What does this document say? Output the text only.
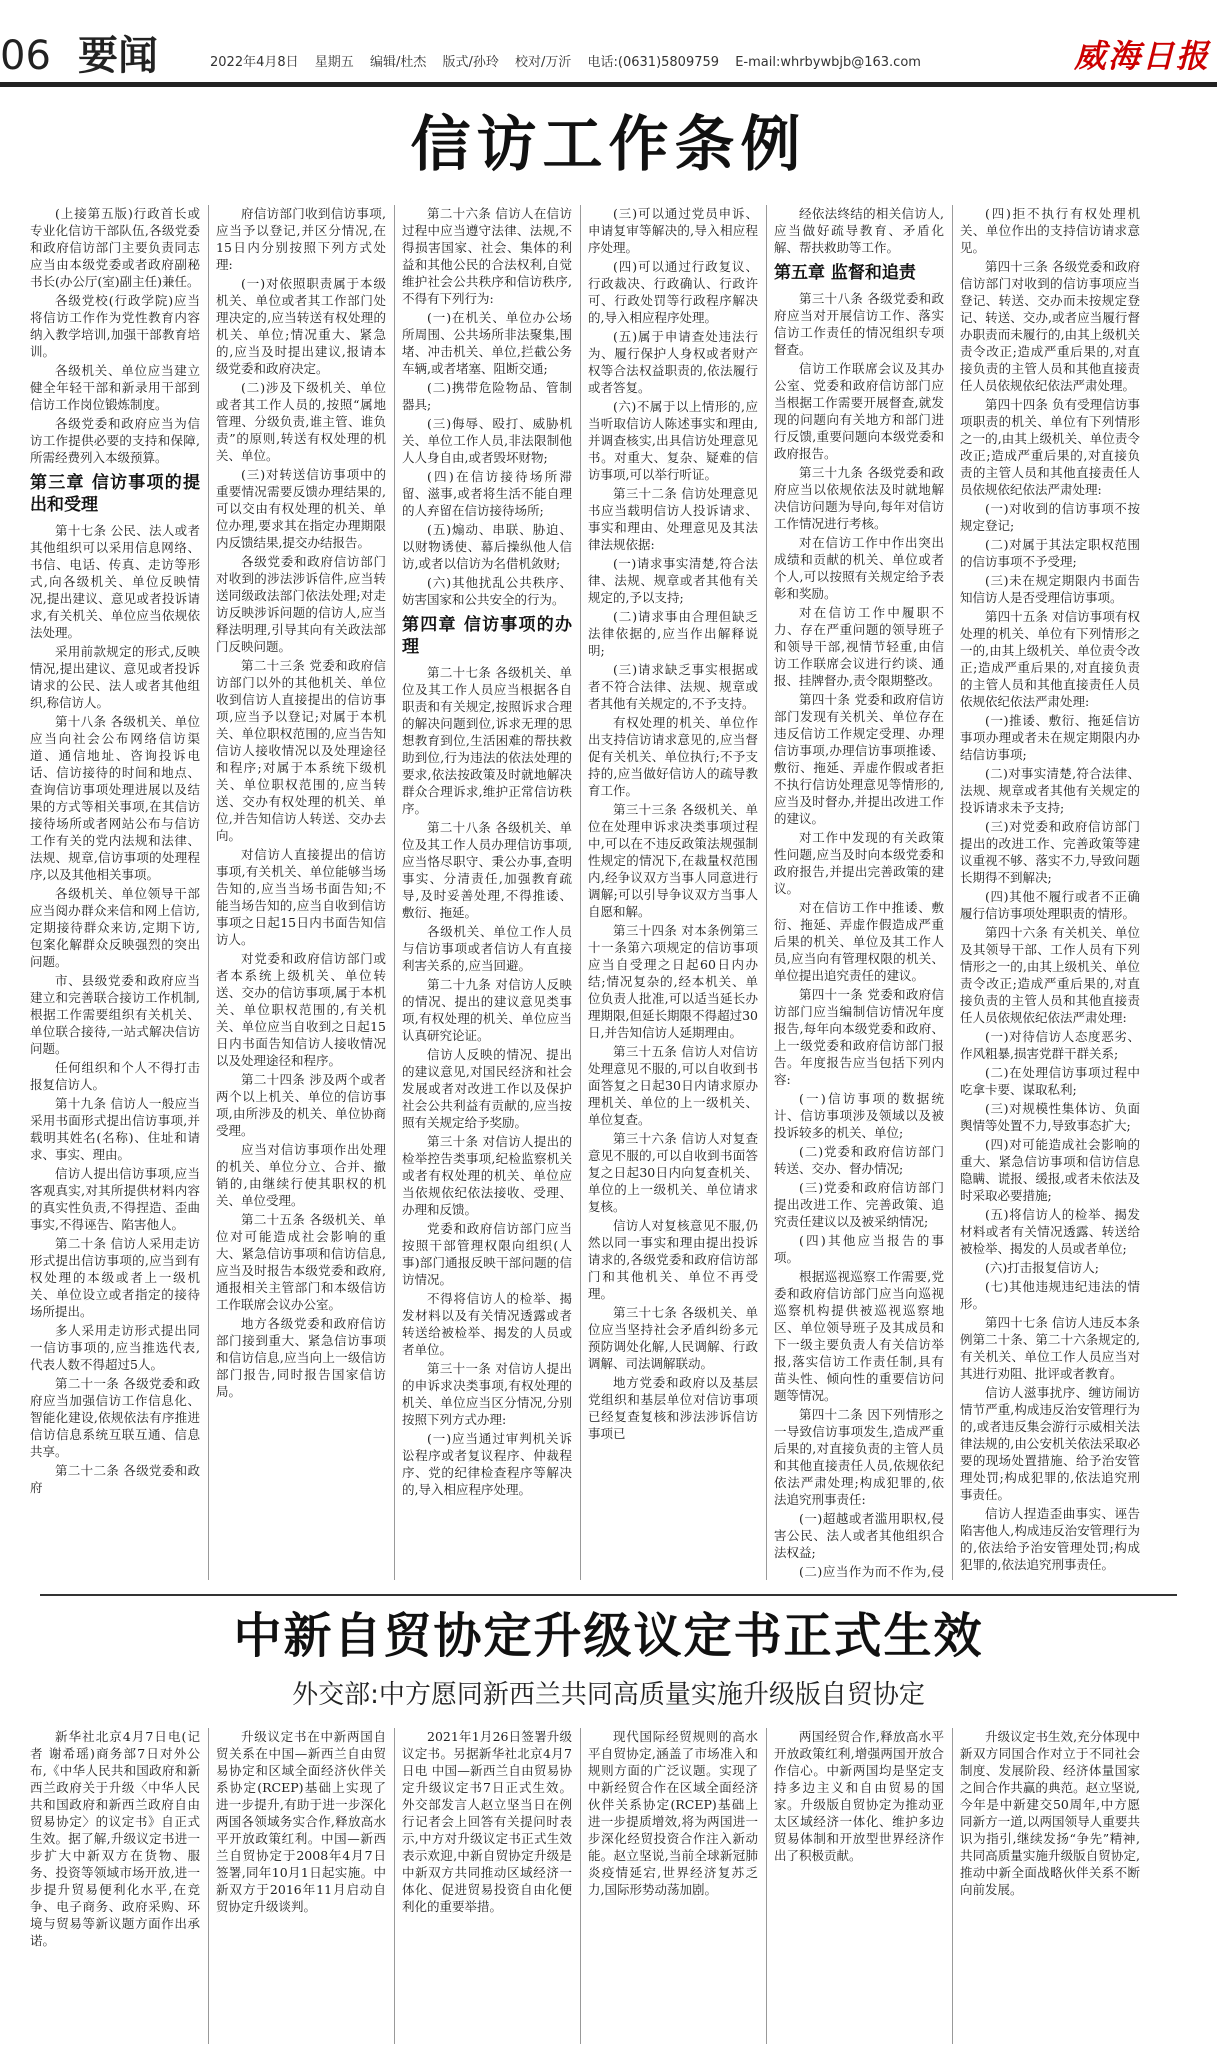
06 要闻	2022年4月8日 星期五 编辑/杜杰 版式/孙玲 校对/万沂 电话:(0631)5809759 E-mail:whrbywbjb@163.com	威海日报
信访工作条例

(上接第五版)行政首长或专业化信访干部队伍,各级党委和政府信访部门主要负责同志应当由本级党委或者政府副秘书长(办公厅(室)副主任)兼任。

各级党校(行政学院)应当将信访工作作为党性教育内容纳入教学培训,加强干部教育培训。

各级机关、单位应当建立健全年轻干部和新录用干部到信访工作岗位锻炼制度。

各级党委和政府应当为信访工作提供必要的支持和保障,所需经费列入本级预算。

第三章 信访事项的提出和受理

第十七条 公民、法人或者其他组织可以采用信息网络、书信、电话、传真、走访等形式,向各级机关、单位反映情况,提出建议、意见或者投诉请求,有关机关、单位应当依规依法处理。

采用前款规定的形式,反映情况,提出建议、意见或者投诉请求的公民、法人或者其他组织,称信访人。

第十八条 各级机关、单位应当向社会公布网络信访渠道、通信地址、咨询投诉电话、信访接待的时间和地点、查询信访事项处理进展以及结果的方式等相关事项,在其信访接待场所或者网站公布与信访工作有关的党内法规和法律、法规、规章,信访事项的处理程序,以及其他相关事项。

各级机关、单位领导干部应当阅办群众来信和网上信访,定期接待群众来访,定期下访,包案化解群众反映强烈的突出问题。

市、县级党委和政府应当建立和完善联合接访工作机制,根据工作需要组织有关机关、单位联合接待,一站式解决信访问题。

任何组织和个人不得打击报复信访人。

第十九条 信访人一般应当采用书面形式提出信访事项,并载明其姓名(名称)、住址和请求、事实、理由。

信访人提出信访事项,应当客观真实,对其所提供材料内容的真实性负责,不得捏造、歪曲事实,不得诬告、陷害他人。

第二十条 信访人采用走访形式提出信访事项的,应当到有权处理的本级或者上一级机关、单位设立或者指定的接待场所提出。

多人采用走访形式提出同一信访事项的,应当推选代表,代表人数不得超过5人。

第二十一条 各级党委和政府应当加强信访工作信息化、智能化建设,依规依法有序推进信访信息系统互联互通、信息共享。

第二十二条 各级党委和政府

府信访部门收到信访事项,应当予以登记,并区分情况,在15日内分别按照下列方式处理:

(一)对依照职责属于本级机关、单位或者其工作部门处理决定的,应当转送有权处理的机关、单位;情况重大、紧急的,应当及时提出建议,报请本级党委和政府决定。

(二)涉及下级机关、单位或者其工作人员的,按照“属地管理、分级负责,谁主管、谁负责”的原则,转送有权处理的机关、单位。

(三)对转送信访事项中的重要情况需要反馈办理结果的,可以交由有权处理的机关、单位办理,要求其在指定办理期限内反馈结果,提交办结报告。

各级党委和政府信访部门对收到的涉法涉诉信件,应当转送同级政法部门依法处理;对走访反映涉诉问题的信访人,应当释法明理,引导其向有关政法部门反映问题。

第二十三条 党委和政府信访部门以外的其他机关、单位收到信访人直接提出的信访事项,应当予以登记;对属于本机关、单位职权范围的,应当告知信访人接收情况以及处理途径和程序;对属于本系统下级机关、单位职权范围的,应当转送、交办有权处理的机关、单位,并告知信访人转送、交办去向。

对信访人直接提出的信访事项,有关机关、单位能够当场告知的,应当当场书面告知;不能当场告知的,应当自收到信访事项之日起15日内书面告知信访人。

对党委和政府信访部门或者本系统上级机关、单位转送、交办的信访事项,属于本机关、单位职权范围的,有关机关、单位应当自收到之日起15日内书面告知信访人接收情况以及处理途径和程序。

第二十四条 涉及两个或者两个以上机关、单位的信访事项,由所涉及的机关、单位协商受理。

应当对信访事项作出处理的机关、单位分立、合并、撤销的,由继续行使其职权的机关、单位受理。

第二十五条 各级机关、单位对可能造成社会影响的重大、紧急信访事项和信访信息,应当及时报告本级党委和政府,通报相关主管部门和本级信访工作联席会议办公室。

地方各级党委和政府信访部门接到重大、紧急信访事项和信访信息,应当向上一级信访部门报告,同时报告国家信访局。

第二十六条 信访人在信访过程中应当遵守法律、法规,不得损害国家、社会、集体的利益和其他公民的合法权利,自觉维护社会公共秩序和信访秩序,不得有下列行为:

(一)在机关、单位办公场所周围、公共场所非法聚集,围堵、冲击机关、单位,拦截公务车辆,或者堵塞、阻断交通;

(二)携带危险物品、管制器具;

(三)侮辱、殴打、威胁机关、单位工作人员,非法限制他人人身自由,或者毁坏财物;

(四)在信访接待场所滞留、滋事,或者将生活不能自理的人弃留在信访接待场所;

(五)煽动、串联、胁迫、以财物诱使、幕后操纵他人信访,或者以信访为名借机敛财;

(六)其他扰乱公共秩序、妨害国家和公共安全的行为。

第四章 信访事项的办理

第二十七条 各级机关、单位及其工作人员应当根据各自职责和有关规定,按照诉求合理的解决问题到位,诉求无理的思想教育到位,生活困难的帮扶救助到位,行为违法的依法处理的要求,依法按政策及时就地解决群众合理诉求,维护正常信访秩序。

第二十八条 各级机关、单位及其工作人员办理信访事项,应当恪尽职守、秉公办事,查明事实、分清责任,加强教育疏导,及时妥善处理,不得推诿、敷衍、拖延。

各级机关、单位工作人员与信访事项或者信访人有直接利害关系的,应当回避。

第二十九条 对信访人反映的情况、提出的建议意见类事项,有权处理的机关、单位应当认真研究论证。

信访人反映的情况、提出的建议意见,对国民经济和社会发展或者对改进工作以及保护社会公共利益有贡献的,应当按照有关规定给予奖励。

第三十条 对信访人提出的检举控告类事项,纪检监察机关或者有权处理的机关、单位应当依规依纪依法接收、受理、办理和反馈。

党委和政府信访部门应当按照干部管理权限向组织(人事)部门通报反映干部问题的信访情况。

不得将信访人的检举、揭发材料以及有关情况透露或者转送给被检举、揭发的人员或者单位。

第三十一条 对信访人提出的申诉求决类事项,有权处理的机关、单位应当区分情况,分别按照下列方式办理:

(一)应当通过审判机关诉讼程序或者复议程序、仲裁程序、党的纪律检查程序等解决的,导入相应程序处理。

(三)可以通过党员申诉、申请复审等解决的,导入相应程序处理。

(四)可以通过行政复议、行政裁决、行政确认、行政许可、行政处罚等行政程序解决的,导入相应程序处理。

(五)属于申请查处违法行为、履行保护人身权或者财产权等合法权益职责的,依法履行或者答复。

(六)不属于以上情形的,应当听取信访人陈述事实和理由,并调查核实,出具信访处理意见书。对重大、复杂、疑难的信访事项,可以举行听证。

第三十二条 信访处理意见书应当载明信访人投诉请求、事实和理由、处理意见及其法律法规依据:

(一)请求事实清楚,符合法律、法规、规章或者其他有关规定的,予以支持;

(二)请求事由合理但缺乏法律依据的,应当作出解释说明;

(三)请求缺乏事实根据或者不符合法律、法规、规章或者其他有关规定的,不予支持。

有权处理的机关、单位作出支持信访请求意见的,应当督促有关机关、单位执行;不予支持的,应当做好信访人的疏导教育工作。

第三十三条 各级机关、单位在处理申诉求决类事项过程中,可以在不违反政策法规强制性规定的情况下,在裁量权范围内,经争议双方当事人同意进行调解;可以引导争议双方当事人自愿和解。

第三十四条 对本条例第三十一条第六项规定的信访事项应当自受理之日起60日内办结;情况复杂的,经本机关、单位负责人批准,可以适当延长办理期限,但延长期限不得超过30日,并告知信访人延期理由。

第三十五条 信访人对信访处理意见不服的,可以自收到书面答复之日起30日内请求原办理机关、单位的上一级机关、单位复查。

第三十六条 信访人对复查意见不服的,可以自收到书面答复之日起30日内向复查机关、单位的上一级机关、单位请求复核。

信访人对复核意见不服,仍然以同一事实和理由提出投诉请求的,各级党委和政府信访部门和其他机关、单位不再受理。

第三十七条 各级机关、单位应当坚持社会矛盾纠纷多元预防调处化解,人民调解、行政调解、司法调解联动。

地方党委和政府以及基层党组织和基层单位对信访事项已经复查复核和涉法涉诉信访事项已

经依法终结的相关信访人,应当做好疏导教育、矛盾化解、帮扶救助等工作。

第五章 监督和追责

第三十八条 各级党委和政府应当对开展信访工作、落实信访工作责任的情况组织专项督查。

信访工作联席会议及其办公室、党委和政府信访部门应当根据工作需要开展督查,就发现的问题向有关地方和部门进行反馈,重要问题向本级党委和政府报告。

第三十九条 各级党委和政府应当以依规依法及时就地解决信访问题为导向,每年对信访工作情况进行考核。

对在信访工作中作出突出成绩和贡献的机关、单位或者个人,可以按照有关规定给予表彰和奖励。

对在信访工作中履职不力、存在严重问题的领导班子和领导干部,视情节轻重,由信访工作联席会议进行约谈、通报、挂牌督办,责令限期整改。

第四十条 党委和政府信访部门发现有关机关、单位存在违反信访工作规定受理、办理信访事项,办理信访事项推诿、敷衍、拖延、弄虚作假或者拒不执行信访处理意见等情形的,应当及时督办,并提出改进工作的建议。

对工作中发现的有关政策性问题,应当及时向本级党委和政府报告,并提出完善政策的建议。

对在信访工作中推诿、敷衍、拖延、弄虚作假造成严重后果的机关、单位及其工作人员,应当向有管理权限的机关、单位提出追究责任的建议。

第四十一条 党委和政府信访部门应当编制信访情况年度报告,每年向本级党委和政府、上一级党委和政府信访部门报告。年度报告应当包括下列内容:

(一)信访事项的数据统计、信访事项涉及领域以及被投诉较多的机关、单位;

(二)党委和政府信访部门转送、交办、督办情况;

(三)党委和政府信访部门提出改进工作、完善政策、追究责任建议以及被采纳情况;

(四)其他应当报告的事项。

根据巡视巡察工作需要,党委和政府信访部门应当向巡视巡察机构提供被巡视巡察地区、单位领导班子及其成员和下一级主要负责人有关信访举报,落实信访工作责任制,具有苗头性、倾向性的重要信访问题等情况。

第四十二条 因下列情形之一导致信访事项发生,造成严重后果的,对直接负责的主管人员和其他直接责任人员,依规依纪依法严肃处理;构成犯罪的,依法追究刑事责任:

(一)超越或者滥用职权,侵害公民、法人或者其他组织合法权益;

(二)应当作为而不作为,侵

(四)拒不执行有权处理机关、单位作出的支持信访请求意见。

第四十三条 各级党委和政府信访部门对收到的信访事项应当登记、转送、交办而未按规定登记、转送、交办,或者应当履行督办职责而未履行的,由其上级机关责令改正;造成严重后果的,对直接负责的主管人员和其他直接责任人员依规依纪依法严肃处理。

第四十四条 负有受理信访事项职责的机关、单位有下列情形之一的,由其上级机关、单位责令改正;造成严重后果的,对直接负责的主管人员和其他直接责任人员依规依纪依法严肃处理:

(一)对收到的信访事项不按规定登记;

(二)对属于其法定职权范围的信访事项不予受理;

(三)未在规定期限内书面告知信访人是否受理信访事项。

第四十五条 对信访事项有权处理的机关、单位有下列情形之一的,由其上级机关、单位责令改正;造成严重后果的,对直接负责的主管人员和其他直接责任人员依规依纪依法严肃处理:

(一)推诿、敷衍、拖延信访事项办理或者未在规定期限内办结信访事项;

(二)对事实清楚,符合法律、法规、规章或者其他有关规定的投诉请求未予支持;

(三)对党委和政府信访部门提出的改进工作、完善政策等建议重视不够、落实不力,导致问题长期得不到解决;

(四)其他不履行或者不正确履行信访事项处理职责的情形。

第四十六条 有关机关、单位及其领导干部、工作人员有下列情形之一的,由其上级机关、单位责令改正;造成严重后果的,对直接负责的主管人员和其他直接责任人员依规依纪依法严肃处理:

(一)对待信访人态度恶劣、作风粗暴,损害党群干群关系;

(二)在处理信访事项过程中吃拿卡要、谋取私利;

(三)对规模性集体访、负面舆情等处置不力,导致事态扩大;

(四)对可能造成社会影响的重大、紧急信访事项和信访信息隐瞒、谎报、缓报,或者未依法及时采取必要措施;

(五)将信访人的检举、揭发材料或者有关情况透露、转送给被检举、揭发的人员或者单位;

(六)打击报复信访人;

(七)其他违规违纪违法的情形。

第四十七条 信访人违反本条例第二十条、第二十六条规定的,有关机关、单位工作人员应当对其进行劝阻、批评或者教育。

信访人滋事扰序、缠访闹访情节严重,构成违反治安管理行为的,或者违反集会游行示威相关法律法规的,由公安机关依法采取必要的现场处置措施、给予治安管理处罚;构成犯罪的,依法追究刑事责任。

信访人捏造歪曲事实、诬告陷害他人,构成违反治安管理行为的,依法给予治安管理处罚;构成犯罪的,依法追究刑事责任。

中新自贸协定升级议定书正式生效
外交部:中方愿同新西兰共同高质量实施升级版自贸协定

新华社北京4月7日电(记者 谢希瑶)商务部7日对外公布,《中华人民共和国政府和新西兰政府关于升级〈中华人民共和国政府和新西兰政府自由贸易协定〉的议定书》自正式生效。据了解,升级议定书进一步扩大中新双方在货物、服务、投资等领域市场开放,进一步提升贸易便利化水平,在竞争、电子商务、政府采购、环境与贸易等新议题方面作出承诺。

升级议定书在中新两国自贸关系在中国—新西兰自由贸易协定和区域全面经济伙伴关系协定(RCEP)基础上实现了进一步提升,有助于进一步深化两国各领域务实合作,释放高水平开放政策红利。中国—新西兰自贸协定于2008年4月7日签署,同年10月1日起实施。中新双方于2016年11月启动自贸协定升级谈判。

2021年1月26日签署升级议定书。另据新华社北京4月7日电 中国—新西兰自由贸易协定升级议定书7日正式生效。外交部发言人赵立坚当日在例行记者会上回答有关提问时表示,中方对升级议定书正式生效表示欢迎,中新自贸协定升级是中新双方共同推动区域经济一体化、促进贸易投资自由化便利化的重要举措。

现代国际经贸规则的高水平自贸协定,涵盖了市场准入和规则方面的广泛议题。实现了中新经贸合作在区域全面经济伙伴关系协定(RCEP)基础上进一步提质增效,将为两国进一步深化经贸投资合作注入新动能。赵立坚说,当前全球新冠肺炎疫情延宕,世界经济复苏乏力,国际形势动荡加剧。

两国经贸合作,释放高水平开放政策红利,增强两国开放合作信心。中新两国均是坚定支持多边主义和自由贸易的国家。升级版自贸协定为推动亚太区域经济一体化、维护多边贸易体制和开放型世界经济作出了积极贡献。

升级议定书生效,充分体现中新双方同国合作对立于不同社会制度、发展阶段、经济体量国家之间合作共赢的典范。赵立坚说,今年是中新建交50周年,中方愿同新方一道,以两国领导人重要共识为指引,继续发扬“争先”精神,共同高质量实施升级版自贸协定,推动中新全面战略伙伴关系不断向前发展。
